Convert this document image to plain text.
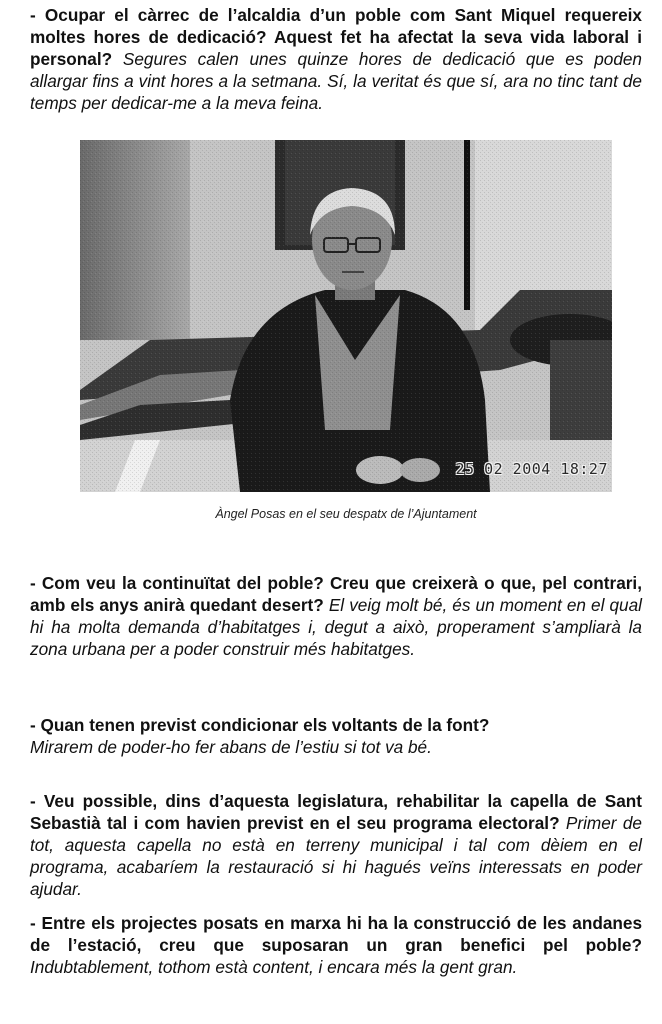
- Ocupar el càrrec de l’alcaldia d’un poble com Sant Miquel requereix moltes hores de dedicació? Aquest fet ha afectat la seva vida laboral i personal? Segures calen unes quinze hores de dedicació que es poden allargar fins a vint hores a la setmana. Sí, la veritat és que sí, ara no tinc tant de temps per dedicar-me a la meva feina.

25 02 2004 18:27
Àngel Posas en el seu despatx de l’Ajuntament

- Com veu la continuïtat del poble? Creu que creixerà o que, pel contrari, amb els anys anirà quedant desert? El veig molt bé, és un moment en el qual hi ha molta demanda d’habitatges i, degut a això, properament s’ampliarà la zona urbana per a poder construir més habitatges.

- Quan tenen previst condicionar els voltants de la font?
Mirarem de poder-ho fer abans de l’estiu si tot va bé.

- Veu possible, dins d’aquesta legislatura, rehabilitar la capella de Sant Sebastià tal i com havien previst en el seu programa electoral? Primer de tot, aquesta capella no està en terreny municipal i tal com dèiem en el programa, acabaríem la restauració si hi hagués veïns interessats en poder ajudar.

- Entre els projectes posats en marxa hi ha la construcció de les andanes de l’estació, creu que suposaran un gran benefici pel poble? Indubtablement, tothom està content, i encara més la gent gran.
